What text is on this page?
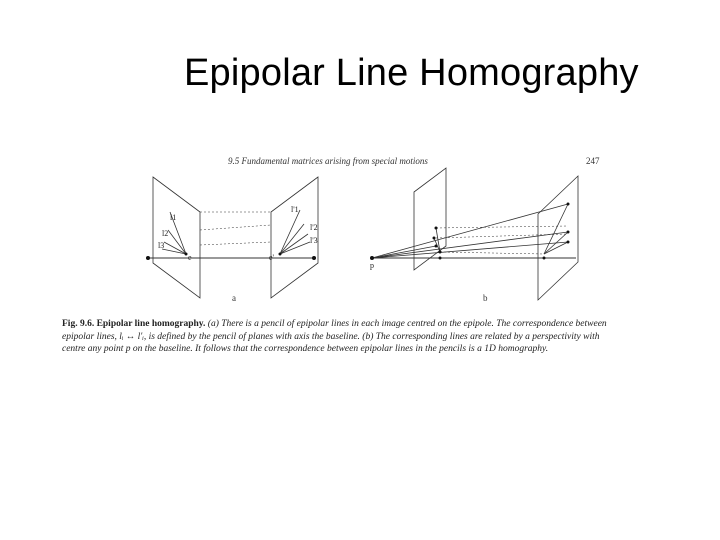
Epipolar Line Homography
9.5 Fundamental matrices arising from special motions	247
l1
l2
l3
l'1
l'2
l'3
e	e'
a
p
b
Fig. 9.6. Epipolar line homography. (a) There is a pencil of epipolar lines in each image centred on the epipole. The correspondence between epipolar lines, lᵢ ↔ l'ᵢ, is defined by the pencil of planes with axis the baseline. (b) The corresponding lines are related by a perspectivity with centre any point p on the baseline. It follows that the correspondence between epipolar lines in the pencils is a 1D homography.
